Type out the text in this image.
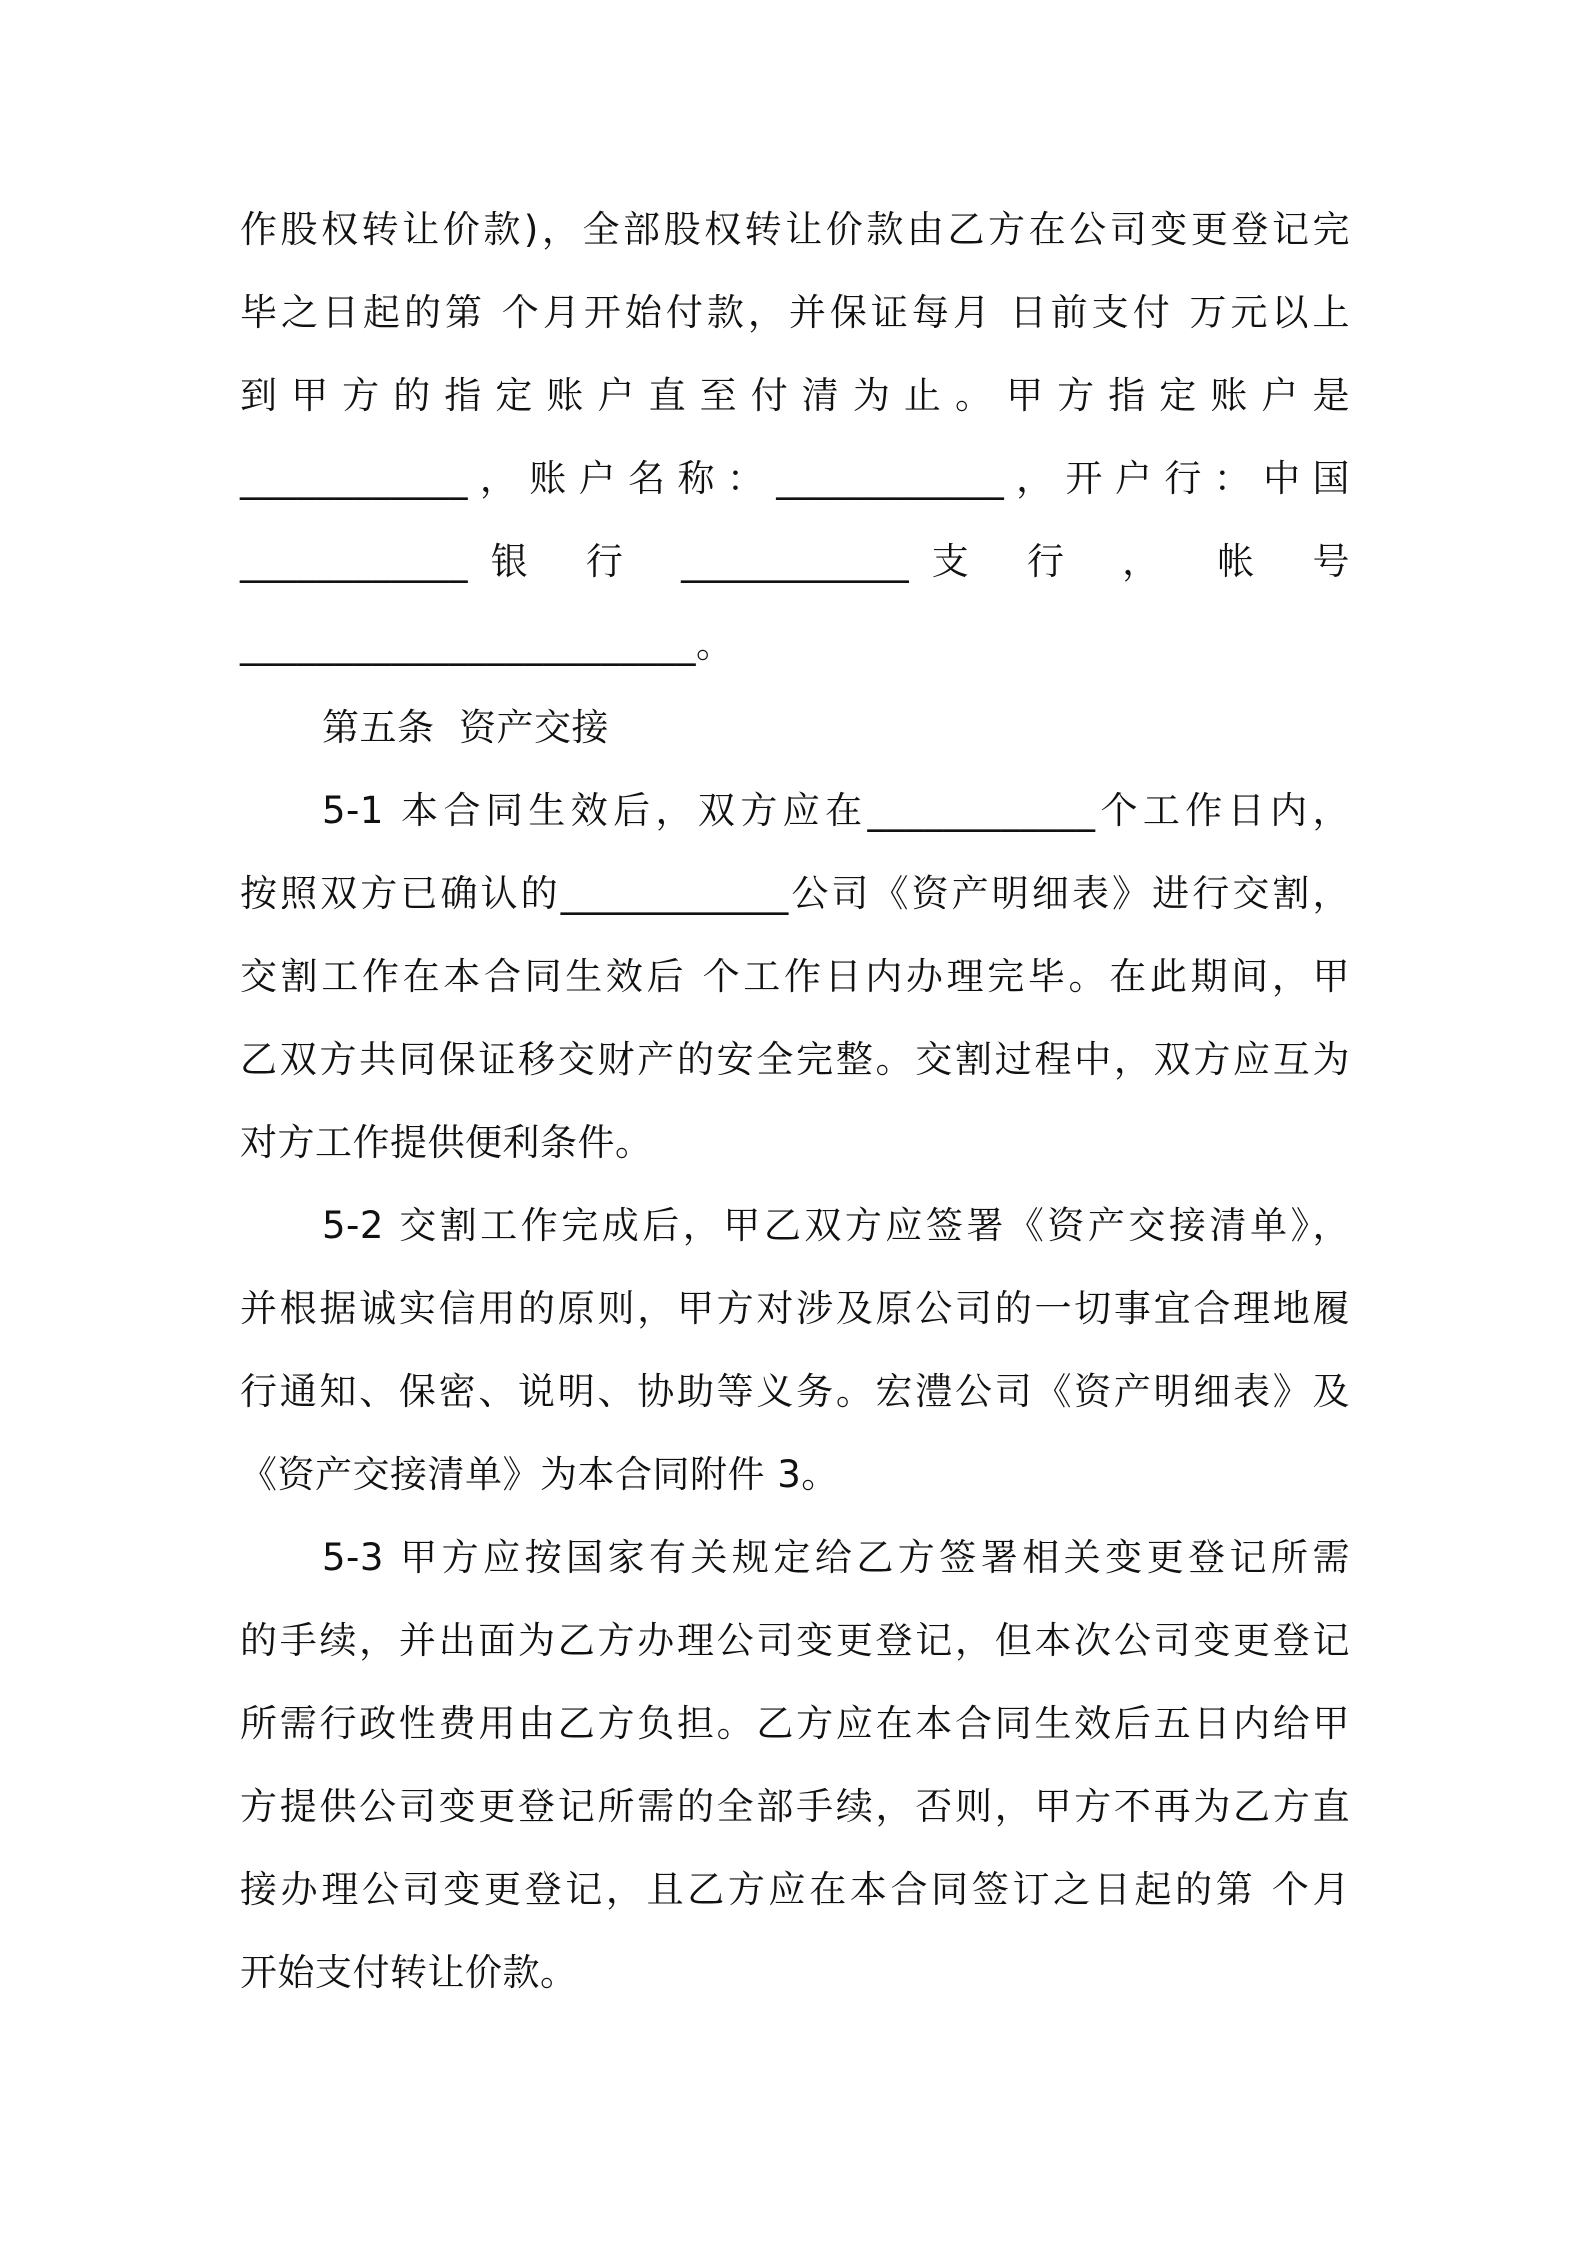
作股权转让价款)，全部股权转让价款由乙方在公司变更登记完
毕之日起的第 个月开始付款，并保证每月 日前支付 万元以上
到甲方的指定账户直至付清为止。甲方指定账户是
____________，账户名称：____________，开户行：中国
____________银 行 ____________支 行 ， 帐 号
________________________。
第五条  资产交接
5-1 本合同生效后，双方应在____________个工作日内，
按照双方已确认的____________公司《资产明细表》进行交割，
交割工作在本合同生效后 个工作日内办理完毕。在此期间，甲
乙双方共同保证移交财产的安全完整。交割过程中，双方应互为
对方工作提供便利条件。
5-2 交割工作完成后，甲乙双方应签署《资产交接清单》，
并根据诚实信用的原则，甲方对涉及原公司的一切事宜合理地履
行通知、保密、说明、协助等义务。宏澧公司《资产明细表》及
《资产交接清单》为本合同附件 3。
5-3 甲方应按国家有关规定给乙方签署相关变更登记所需
的手续，并出面为乙方办理公司变更登记，但本次公司变更登记
所需行政性费用由乙方负担。乙方应在本合同生效后五日内给甲
方提供公司变更登记所需的全部手续，否则，甲方不再为乙方直
接办理公司变更登记，且乙方应在本合同签订之日起的第 个月
开始支付转让价款。
